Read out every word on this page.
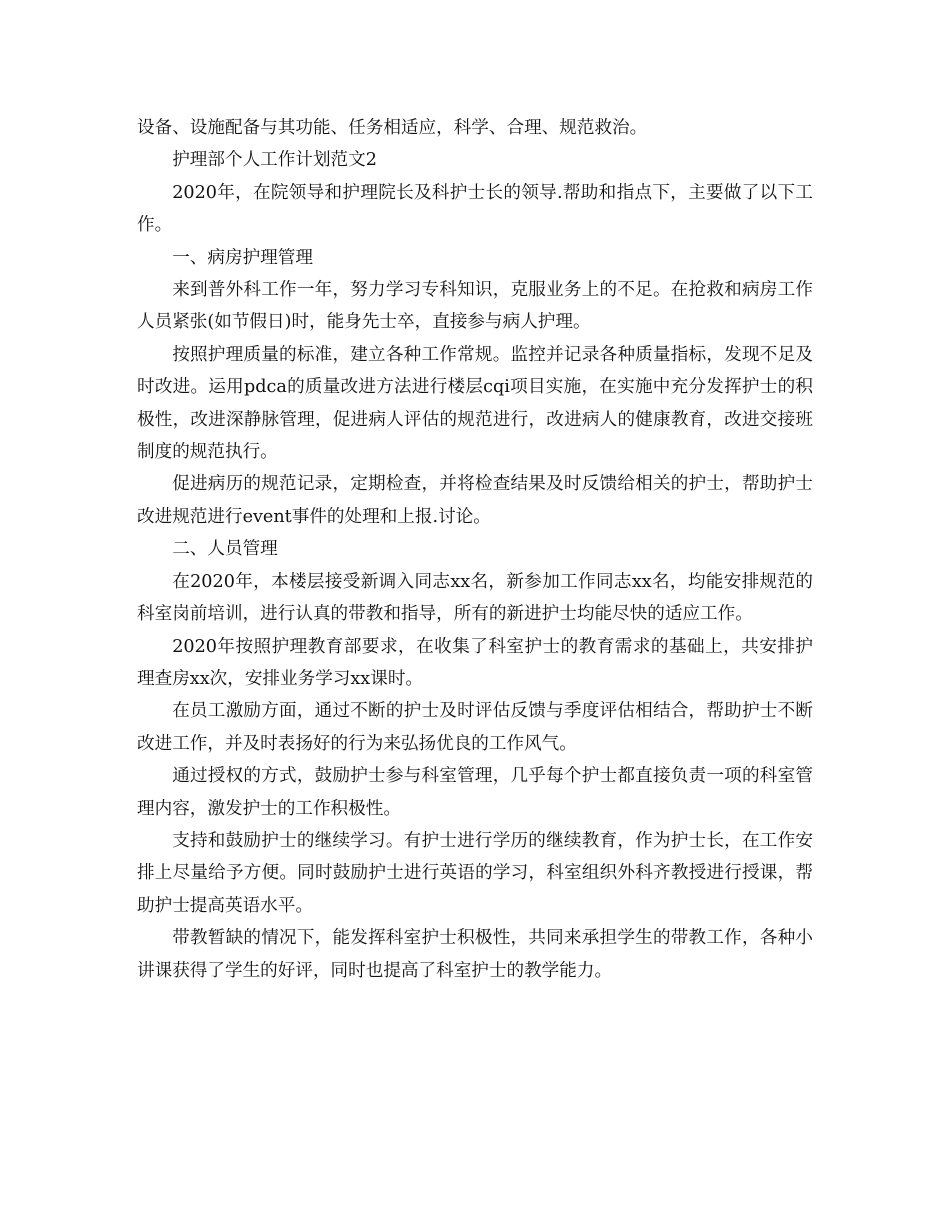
设备、设施配备与其功能、任务相适应，科学、合理、规范救治。

护理部个人工作计划范文2

2020年，在院领导和护理院长及科护士长的领导.帮助和指点下，主要做了以下工作。

一、病房护理管理

来到普外科工作一年，努力学习专科知识，克服业务上的不足。在抢救和病房工作人员紧张(如节假日)时，能身先士卒，直接参与病人护理。

按照护理质量的标准，建立各种工作常规。监控并记录各种质量指标，发现不足及时改进。运用pdca的质量改进方法进行楼层cqi项目实施，在实施中充分发挥护士的积极性，改进深静脉管理，促进病人评估的规范进行，改进病人的健康教育，改进交接班制度的规范执行。

促进病历的规范记录，定期检查，并将检查结果及时反馈给相关的护士，帮助护士改进规范进行event事件的处理和上报.讨论。

二、人员管理

在2020年，本楼层接受新调入同志xx名，新参加工作同志xx名，均能安排规范的科室岗前培训，进行认真的带教和指导，所有的新进护士均能尽快的适应工作。

2020年按照护理教育部要求，在收集了科室护士的教育需求的基础上，共安排护理查房xx次，安排业务学习xx课时。

在员工激励方面，通过不断的护士及时评估反馈与季度评估相结合，帮助护士不断改进工作，并及时表扬好的行为来弘扬优良的工作风气。

通过授权的方式，鼓励护士参与科室管理，几乎每个护士都直接负责一项的科室管理内容，激发护士的工作积极性。

支持和鼓励护士的继续学习。有护士进行学历的继续教育，作为护士长，在工作安排上尽量给予方便。同时鼓励护士进行英语的学习，科室组织外科齐教授进行授课，帮助护士提高英语水平。

带教暂缺的情况下，能发挥科室护士积极性，共同来承担学生的带教工作，各种小讲课获得了学生的好评，同时也提高了科室护士的教学能力。
